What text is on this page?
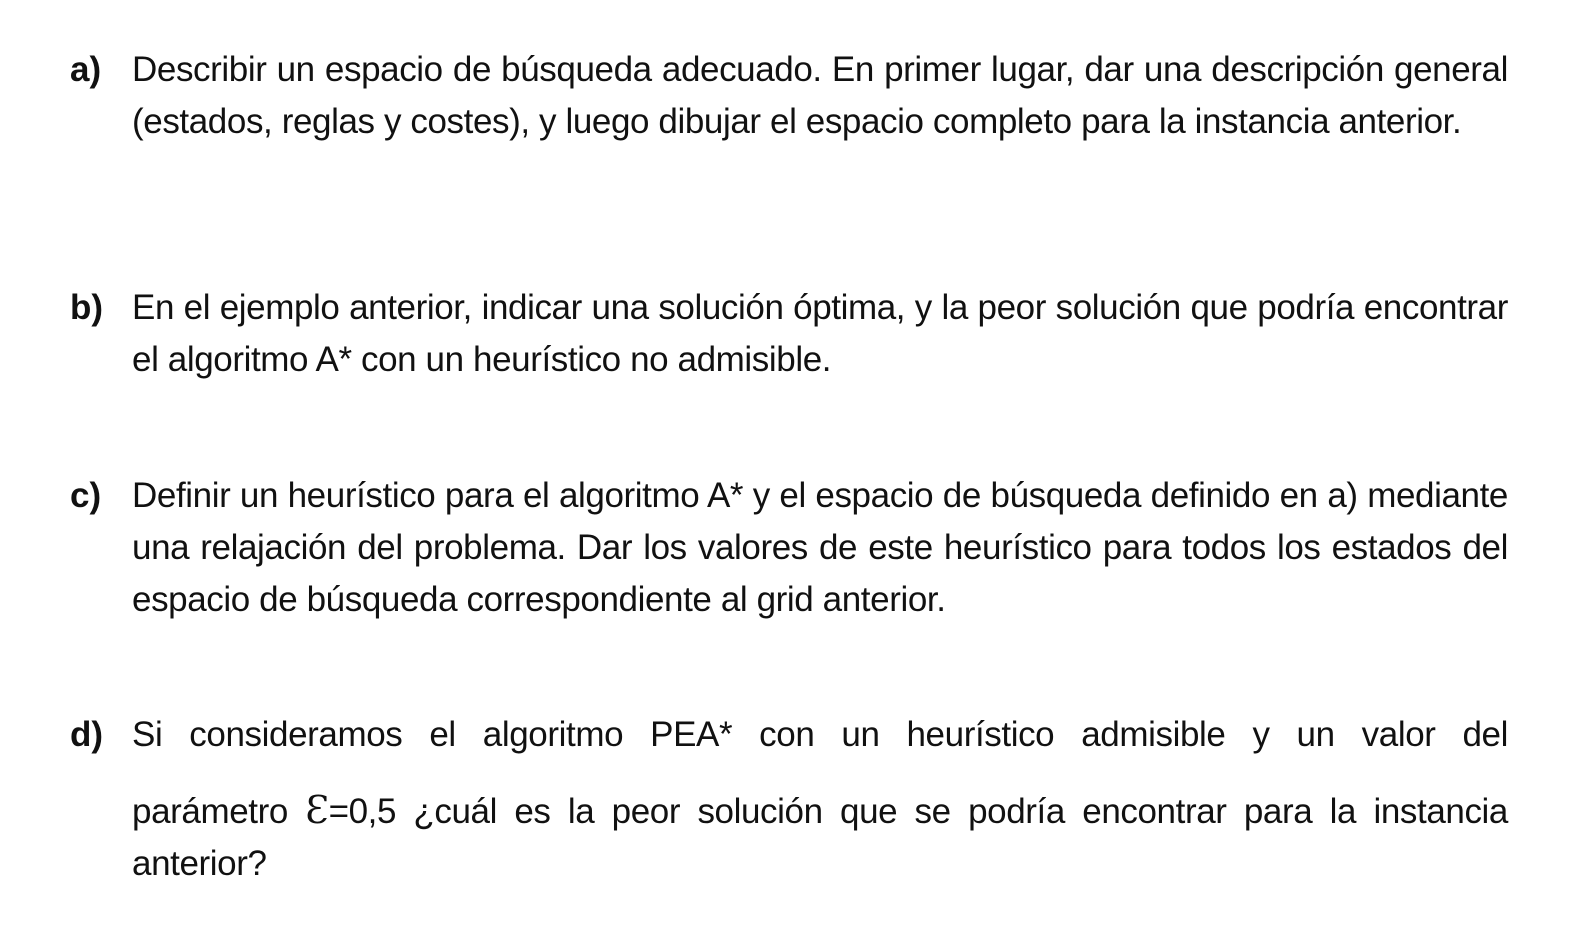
a) Describir un espacio de búsqueda adecuado. En primer lugar, dar una descripción general (estados, reglas y costes), y luego dibujar el espacio completo para la instancia anterior.
b) En el ejemplo anterior, indicar una solución óptima, y la peor solución que podría encontrar el algoritmo A* con un heurístico no admisible.
c) Definir un heurístico para el algoritmo A* y el espacio de búsqueda definido en a) mediante una relajación del problema. Dar los valores de este heurístico para todos los estados del espacio de búsqueda correspondiente al grid anterior.
d) Si consideramos el algoritmo PEA* con un heurístico admisible y un valor del
parámetro Ɛ=0,5 ¿cuál es la peor solución que se podría encontrar para la instancia anterior?
